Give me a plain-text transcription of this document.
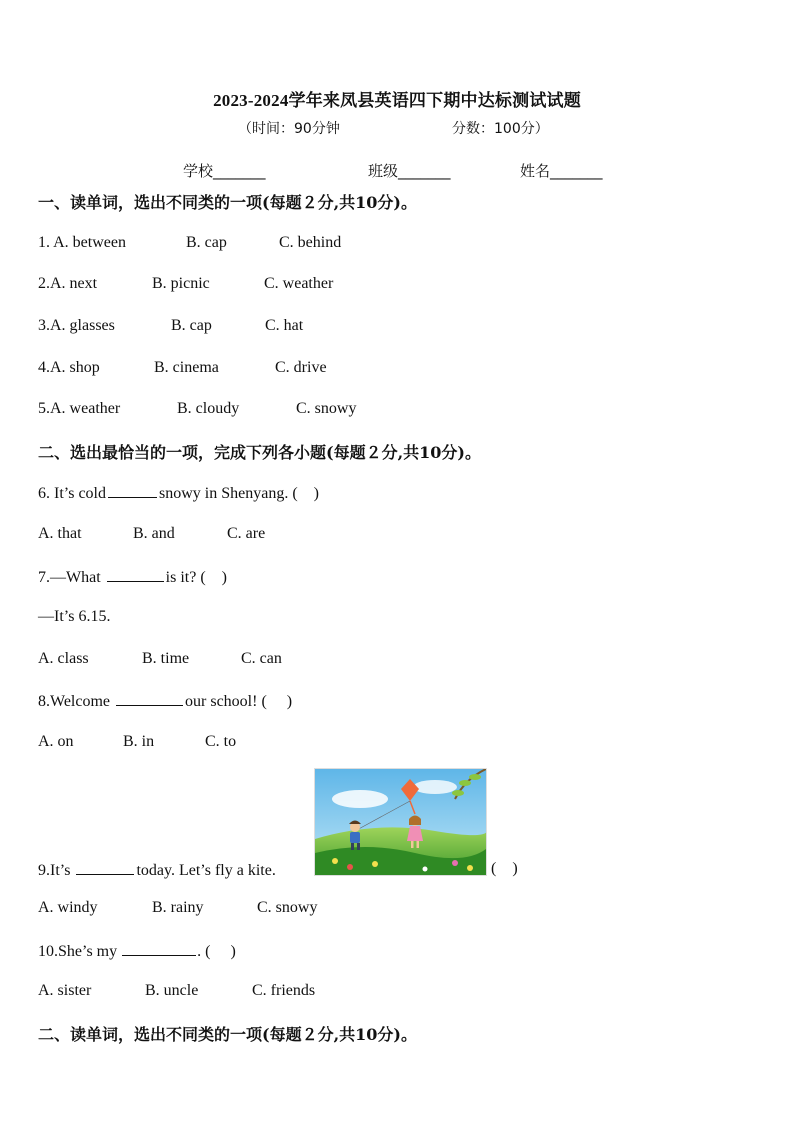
2023-2024学年来凤县英语四下期中达标测试试题
（时间：90分钟	分数：100分）
学校_______	班级_______	姓名_______
一、读单词，选出不同类的一项(每题２分,共10分)。
1. A. between	B. cap	C. behind
2.A. next	B. picnic	C. weather
3.A. glasses	B. cap	C. hat
4.A. shop	B. cinema	C. drive
5.A. weather	B. cloudy	C. snowy
二、选出最恰当的一项，完成下列各小题(每题２分,共10分)。
6. It’s cold	snowy in Shenyang. (    )
A. that	B. and	C. are
7.—What	is it? (    )
—It’s 6.15.
A. class	B. time	C. can
8.Welcome	our school! (     )
A. on	B. in	C. to
9.It’s	today. Let’s fly a kite.	(    )
A. windy	B. rainy	C. snowy
10.She’s my	. (     )
A. sister	B. uncle	C. friends
二、读单词，选出不同类的一项(每题２分,共10分)。
